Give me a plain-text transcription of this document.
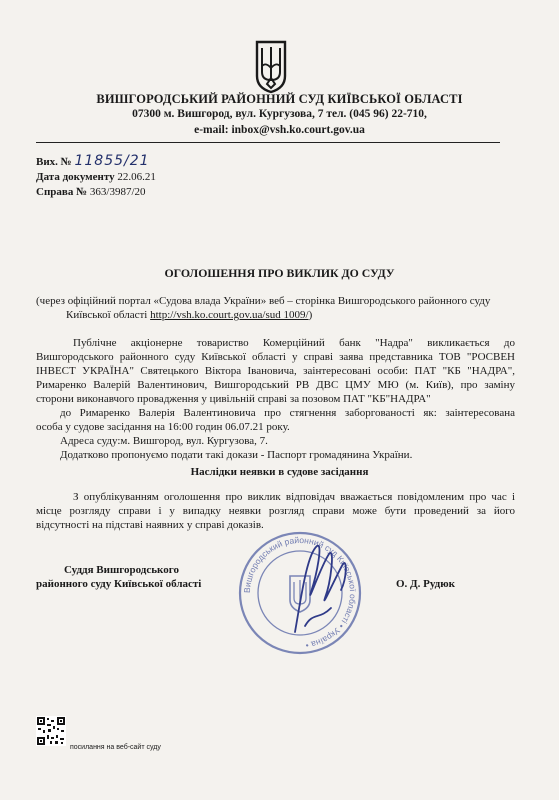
ВИШГОРОДСЬКИЙ РАЙОННИЙ СУД КИЇВСЬКОЇ ОБЛАСТІ
07300 м. Вишгород, вул. Кургузова, 7 тел. (045 96) 22-710,
e-mail: inbox@vsh.ko.court.gov.ua
Вих. № 11855/21
Дата документу 22.06.21
Справа № 363/3987/20
ОГОЛОШЕННЯ ПРО ВИКЛИК ДО СУДУ
(через офіційний портал «Судова влада України» веб – сторінка Вишгородського районного суду
Київської області http://vsh.ko.court.gov.ua/sud 1009/)
Публічне акціонерне товариство Комерційний банк "Надра" викликається до
Вишгородського районного суду Київської області у справі заява представника ТОВ "РОСВЕН
ІНВЕСТ УКРАЇНА" Святецького Віктора Івановича, заінтересовані особи: ПАТ "КБ "НАДРА",
Римаренко Валерій Валентинович, Вишгородський РВ ДВС ЦМУ МЮ (м. Київ), про заміну
сторони виконавчого провадження у цивільній справі за позовом ПАТ "КБ"НАДРА"
до Римаренко Валерія Валентиновича про стягнення заборгованості як: заінтересована
особа у судове засідання на 16:00 годин 06.07.21 року.
Адреса суду:м. Вишгород, вул. Кургузова, 7.
Додатково пропонуємо подати такі докази - Паспорт громадянина України.
Наслідки неявки в судове засідання
З опублікуванням оголошення про виклик відповідач вважається повідомленим про час і
місце розгляду справи і у випадку неявки розгляд справи може бути проведений за його
відсутності на підставі наявних у справі доказів.
Суддя Вишгородського
районного суду Київської області	О. Д. Рудюк
Вишгородський районний суд Київської області • Україна •
посилання на веб-сайт суду
